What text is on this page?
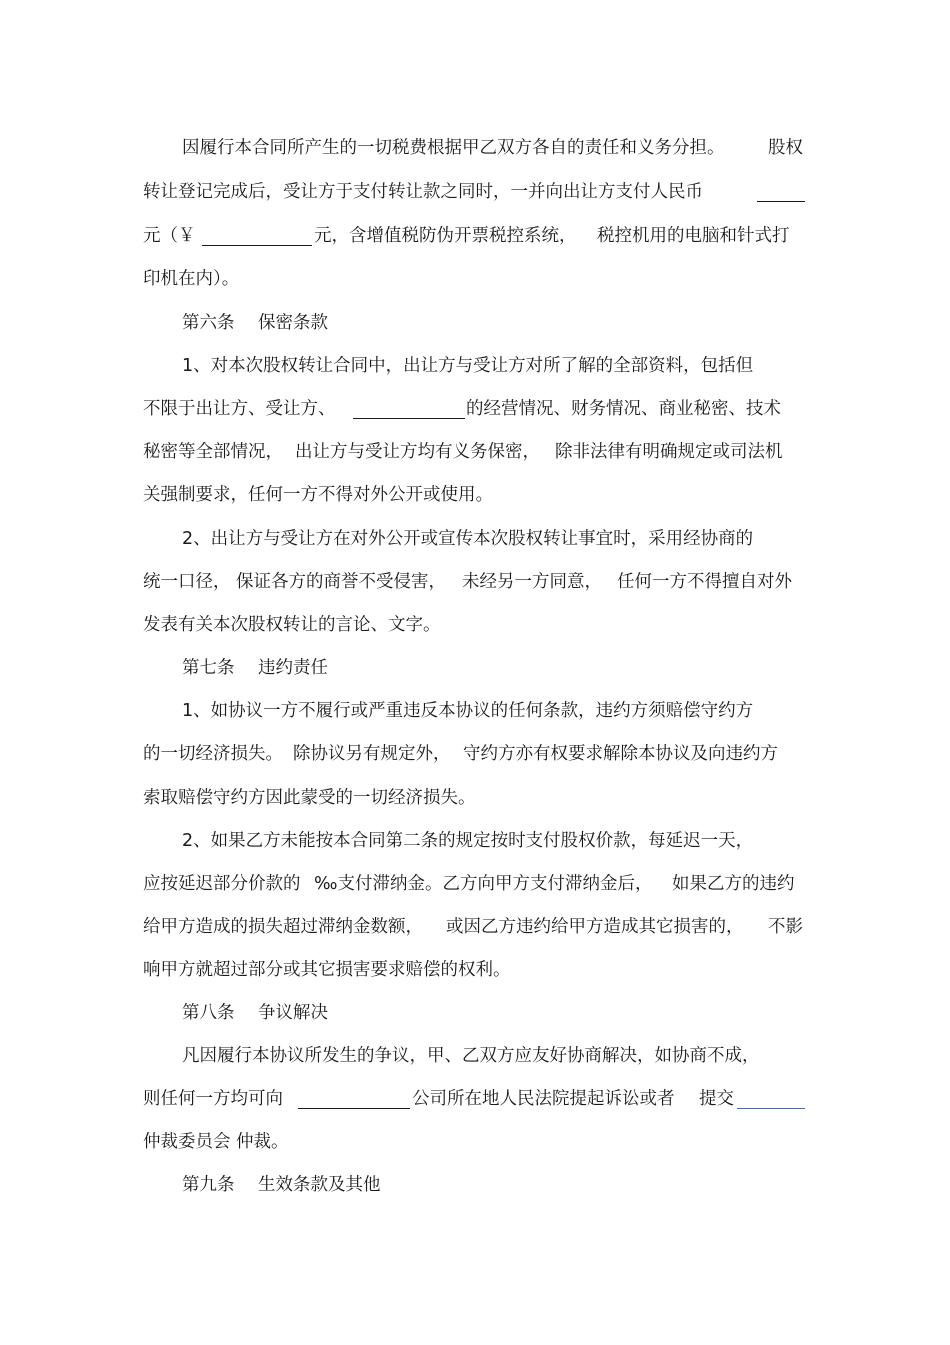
因履行本合同所产生的一切税费根据甲乙双方各自的责任和义务分担。 股权
转让登记完成后，受让方于支付转让款之同时，一并向出让方支付人民币
元（￥	元，含增值税防伪开票税控系统， 税控机用的电脑和针式打
印机在内）。
第六条 保密条款
1、对本次股权转让合同中，出让方与受让方对所了解的全部资料，包括但
不限于出让方、受让方、	的经营情况、财务情况、商业秘密、技术
秘密等全部情况， 出让方与受让方均有义务保密， 除非法律有明确规定或司法机
关强制要求，任何一方不得对外公开或使用。
2、出让方与受让方在对外公开或宣传本次股权转让事宜时，采用经协商的
统一口径， 保证各方的商誉不受侵害， 未经另一方同意， 任何一方不得擅自对外
发表有关本次股权转让的言论、文字。
第七条 违约责任
1、如协议一方不履行或严重违反本协议的任何条款，违约方须赔偿守约方
的一切经济损失。 除协议另有规定外， 守约方亦有权要求解除本协议及向违约方
索取赔偿守约方因此蒙受的一切经济损失。
2、如果乙方未能按本合同第二条的规定按时支付股权价款，每延迟一天，
应按延迟部分价款的 ‰支付滞纳金。乙方向甲方支付滞纳金后， 如果乙方的违约
给甲方造成的损失超过滞纳金数额， 或因乙方违约给甲方造成其它损害的， 不影
响甲方就超过部分或其它损害要求赔偿的权利。
第八条 争议解决
凡因履行本协议所发生的争议，甲、乙双方应友好协商解决，如协商不成，
则任何一方均可向	公司所在地人民法院提起诉讼或者 提交
仲裁委员会 仲裁。
第九条 生效条款及其他
